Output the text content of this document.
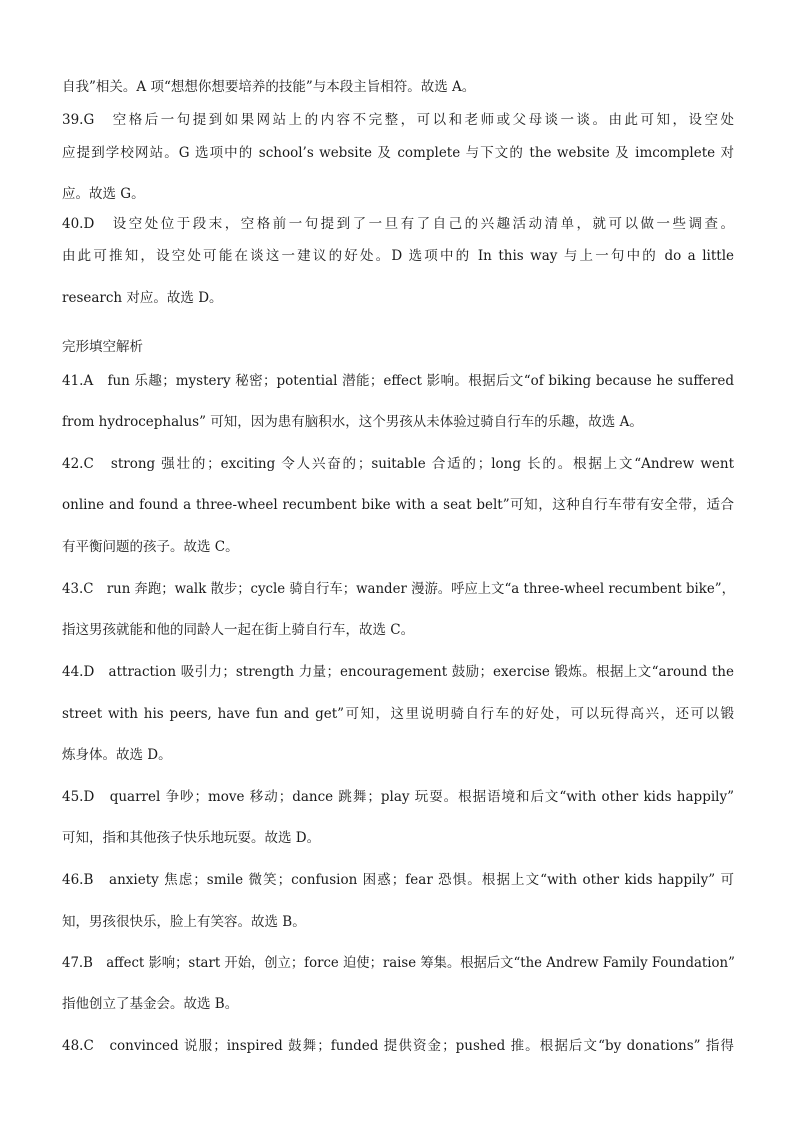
自我”相关。A 项“想想你想要培养的技能”与本段主旨相符。故选 A。
39.G　空格后一句提到如果网站上的内容不完整，可以和老师或父母谈一谈。由此可知，设空处
应提到学校网站。G 选项中的 school’s website 及 complete 与下文的 the website 及 imcomplete 对
应。故选 G。
40.D　设空处位于段末，空格前一句提到了一旦有了自己的兴趣活动清单，就可以做一些调查。
由此可推知，设空处可能在谈这一建议的好处。D 选项中的 In this way 与上一句中的 do a little
research 对应。故选 D。
完形填空解析
41.A　fun 乐趣；mystery 秘密；potential 潜能；effect 影响。根据后文“of biking because he suffered
from hydrocephalus” 可知，因为患有脑积水，这个男孩从未体验过骑自行车的乐趣，故选 A。
42.C　strong 强壮的；exciting 令人兴奋的；suitable 合适的；long 长的。根据上文“Andrew went
online and found a three-wheel recumbent bike with a seat belt”可知，这种自行车带有安全带，适合
有平衡问题的孩子。故选 C。
43.C　run 奔跑；walk 散步；cycle 骑自行车；wander 漫游。呼应上文“a three-wheel recumbent bike”，
指这男孩就能和他的同龄人一起在街上骑自行车，故选 C。
44.D　attraction 吸引力；strength 力量；encouragement 鼓励；exercise 锻炼。根据上文“around the
street with his peers, have fun and get”可知，这里说明骑自行车的好处，可以玩得高兴，还可以锻
炼身体。故选 D。
45.D　quarrel 争吵；move 移动；dance 跳舞；play 玩耍。根据语境和后文“with other kids happily”
可知，指和其他孩子快乐地玩耍。故选 D。
46.B　anxiety 焦虑；smile 微笑；confusion 困惑；fear 恐惧。根据上文“with other kids happily” 可
知，男孩很快乐，脸上有笑容。故选 B。
47.B　affect 影响；start 开始，创立；force 迫使；raise 筹集。根据后文“the Andrew Family Foundation”
指他创立了基金会。故选 B。
48.C　convinced 说服；inspired 鼓舞；funded 提供资金；pushed 推。根据后文“by donations” 指得
